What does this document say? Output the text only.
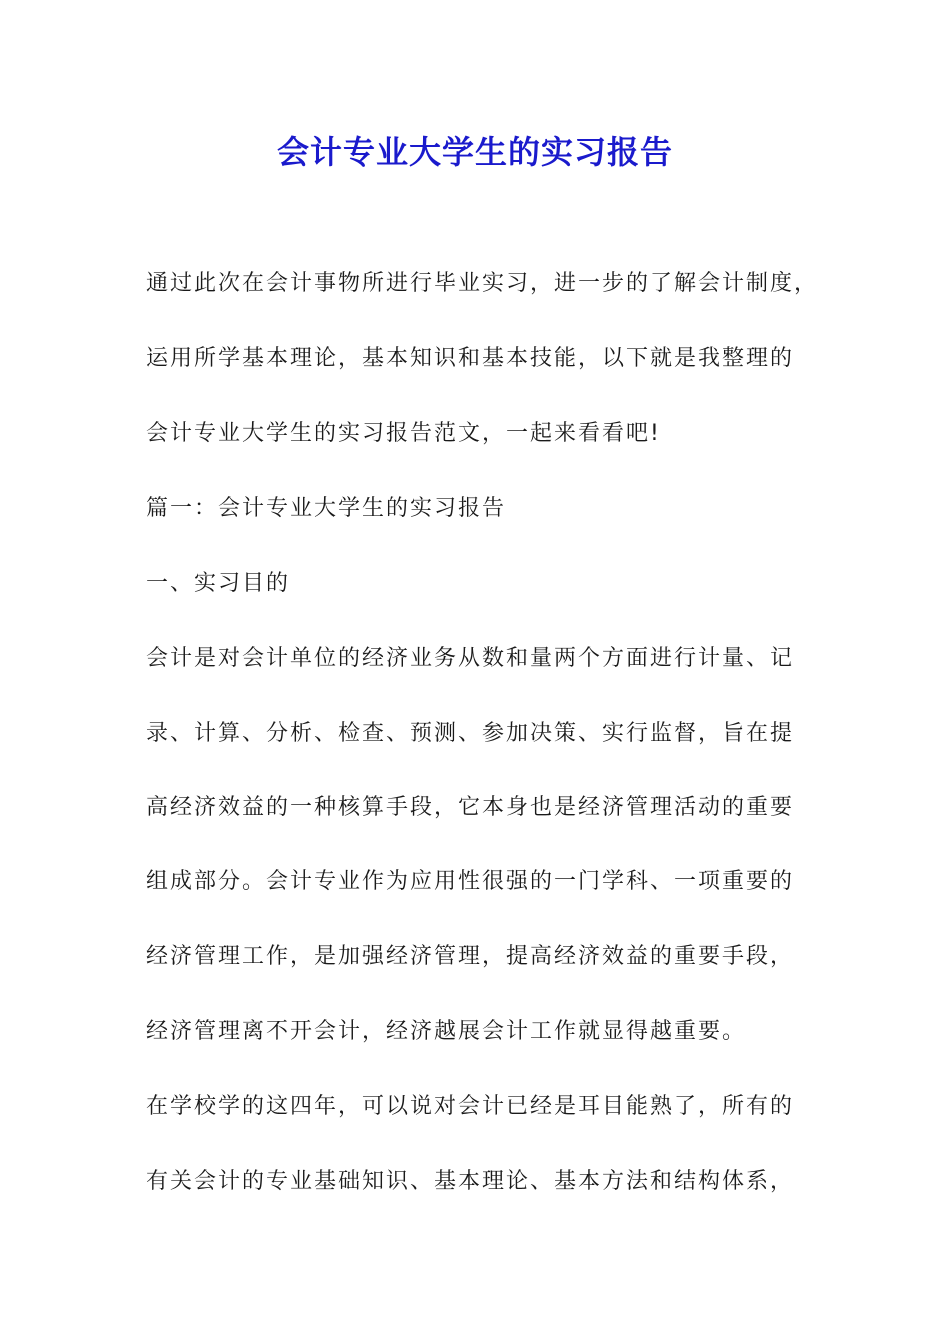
会计专业大学生的实习报告
通过此次在会计事物所进行毕业实习，进一步的了解会计制度，
运用所学基本理论，基本知识和基本技能，以下就是我整理的
会计专业大学生的实习报告范文，一起来看看吧!
篇一：会计专业大学生的实习报告
一、实习目的
会计是对会计单位的经济业务从数和量两个方面进行计量、记
录、计算、分析、检查、预测、参加决策、实行监督，旨在提
高经济效益的一种核算手段，它本身也是经济管理活动的重要
组成部分。会计专业作为应用性很强的一门学科、一项重要的
经济管理工作，是加强经济管理，提高经济效益的重要手段，
经济管理离不开会计，经济越展会计工作就显得越重要。
在学校学的这四年，可以说对会计已经是耳目能熟了，所有的
有关会计的专业基础知识、基本理论、基本方法和结构体系，
